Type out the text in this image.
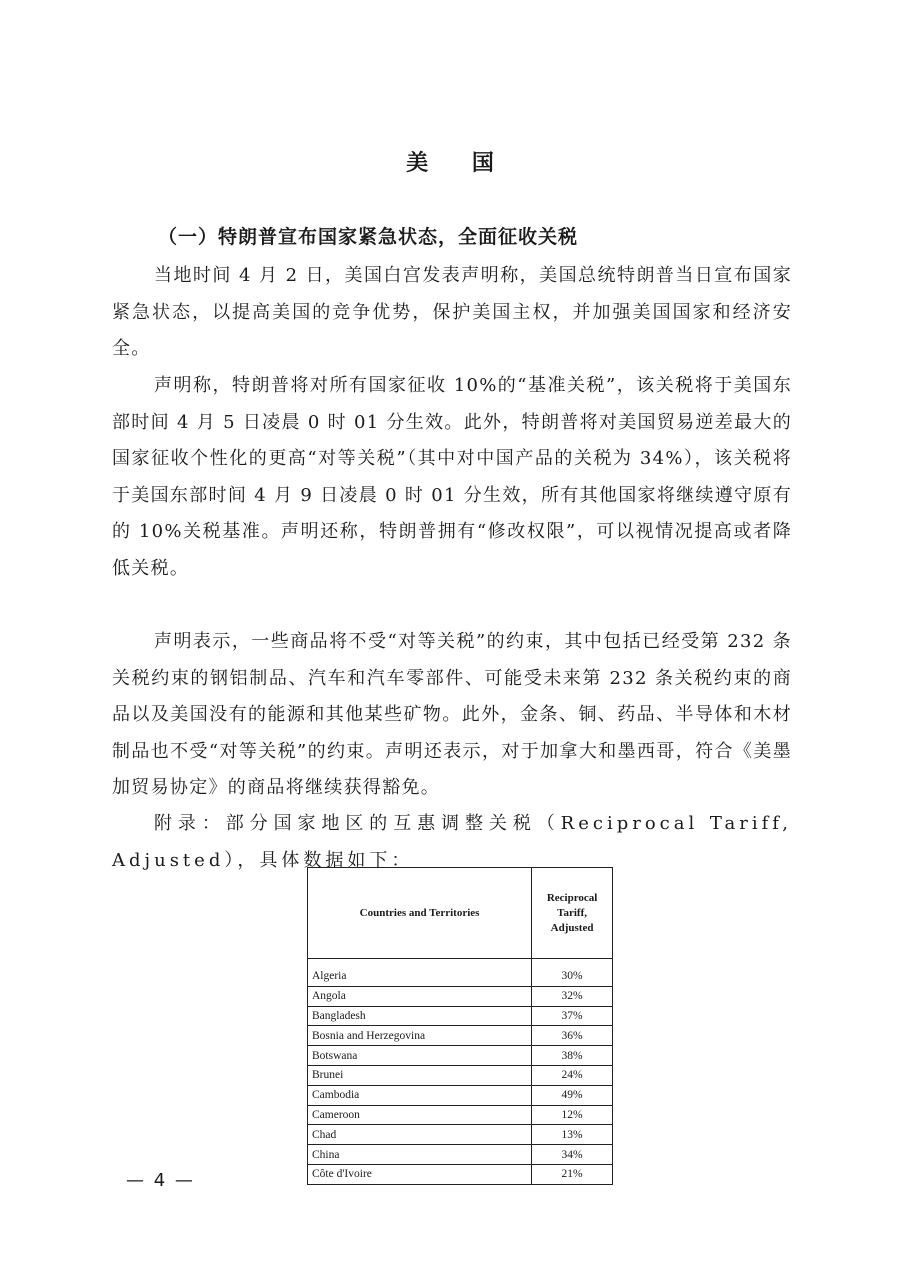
美 国
（一）特朗普宣布国家紧急状态，全面征收关税

当地时间 4 月 2 日，美国白宫发表声明称，美国总统特朗普当日宣布国家紧急状态，以提高美国的竞争优势，保护美国主权，并加强美国国家和经济安全。

声明称，特朗普将对所有国家征收 10%的“基准关税”，该关税将于美国东部时间 4 月 5 日凌晨 0 时 01 分生效。此外，特朗普将对美国贸易逆差最大的国家征收个性化的更高“对等关税”（其中对中国产品的关税为 34%），该关税将于美国东部时间 4 月 9 日凌晨 0 时 01 分生效，所有其他国家将继续遵守原有的 10%关税基准。声明还称，特朗普拥有“修改权限”，可以视情况提高或者降低关税。

声明表示，一些商品将不受“对等关税”的约束，其中包括已经受第 232 条关税约束的钢铝制品、汽车和汽车零部件、可能受未来第 232 条关税约束的商品以及美国没有的能源和其他某些矿物。此外，金条、铜、药品、半导体和木材制品也不受“对等关税”的约束。声明还表示，对于加拿大和墨西哥，符合《美墨加贸易协定》的商品将继续获得豁免。

附录：部分国家地区的互惠调整关税（Reciprocal Tariff, Adjusted），具体数据如下：

Countries and Territories	Reciprocal Tariff, Adjusted

Algeria	30%
Angola	32%
Bangladesh	37%
Bosnia and Herzegovina	36%
Botswana	38%
Brunei	24%
Cambodia	49%
Cameroon	12%
Chad	13%
China	34%
Côte d'Ivoire	21%
— 4 —
